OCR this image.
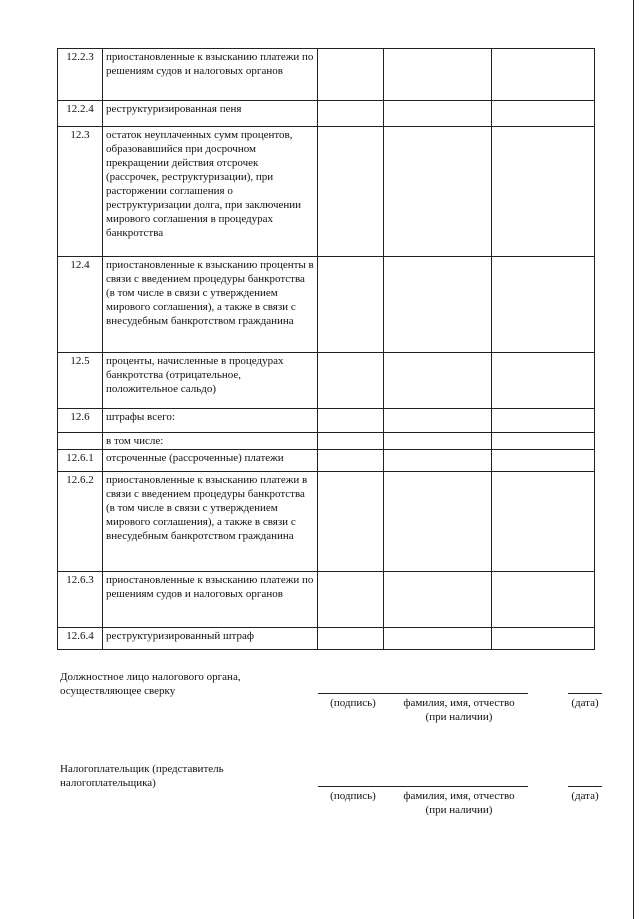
12.2.3	приостановленные к взысканию платежи по решениям судов и налоговых органов			
12.2.4	реструктуризированная пеня			
12.3	остаток неуплаченных сумм процентов, образовавшийся при досрочном прекращении действия отсрочек (рассрочек, реструктуризации), при расторжении соглашения о реструктуризации долга, при заключении мирового соглашения в процедурах банкротства			
12.4	приостановленные к взысканию проценты в связи с введением процедуры банкротства (в том числе в связи с утверждением мирового соглашения), а также в связи с внесудебным банкротством гражданина			
12.5	проценты, начисленные в процедурах банкротства (отрицательное, положительное сальдо)			
12.6	штрафы всего:			
	в том числе:			
12.6.1	отсроченные (рассроченные) платежи			
12.6.2	приостановленные к взысканию платежи в связи с введением процедуры банкротства (в том числе в связи с утверждением мирового соглашения), а также в связи с внесудебным банкротством гражданина			
12.6.3	приостановленные к взысканию платежи по решениям судов и налоговых органов			
12.6.4	реструктуризированный штраф			
Должностное лицо налогового органа, осуществляющее сверку
(подпись)	фамилия, имя, отчество
(при наличии)
(дата)
Налогоплательщик (представитель налогоплательщика)
(подпись)	фамилия, имя, отчество
(при наличии)
(дата)
